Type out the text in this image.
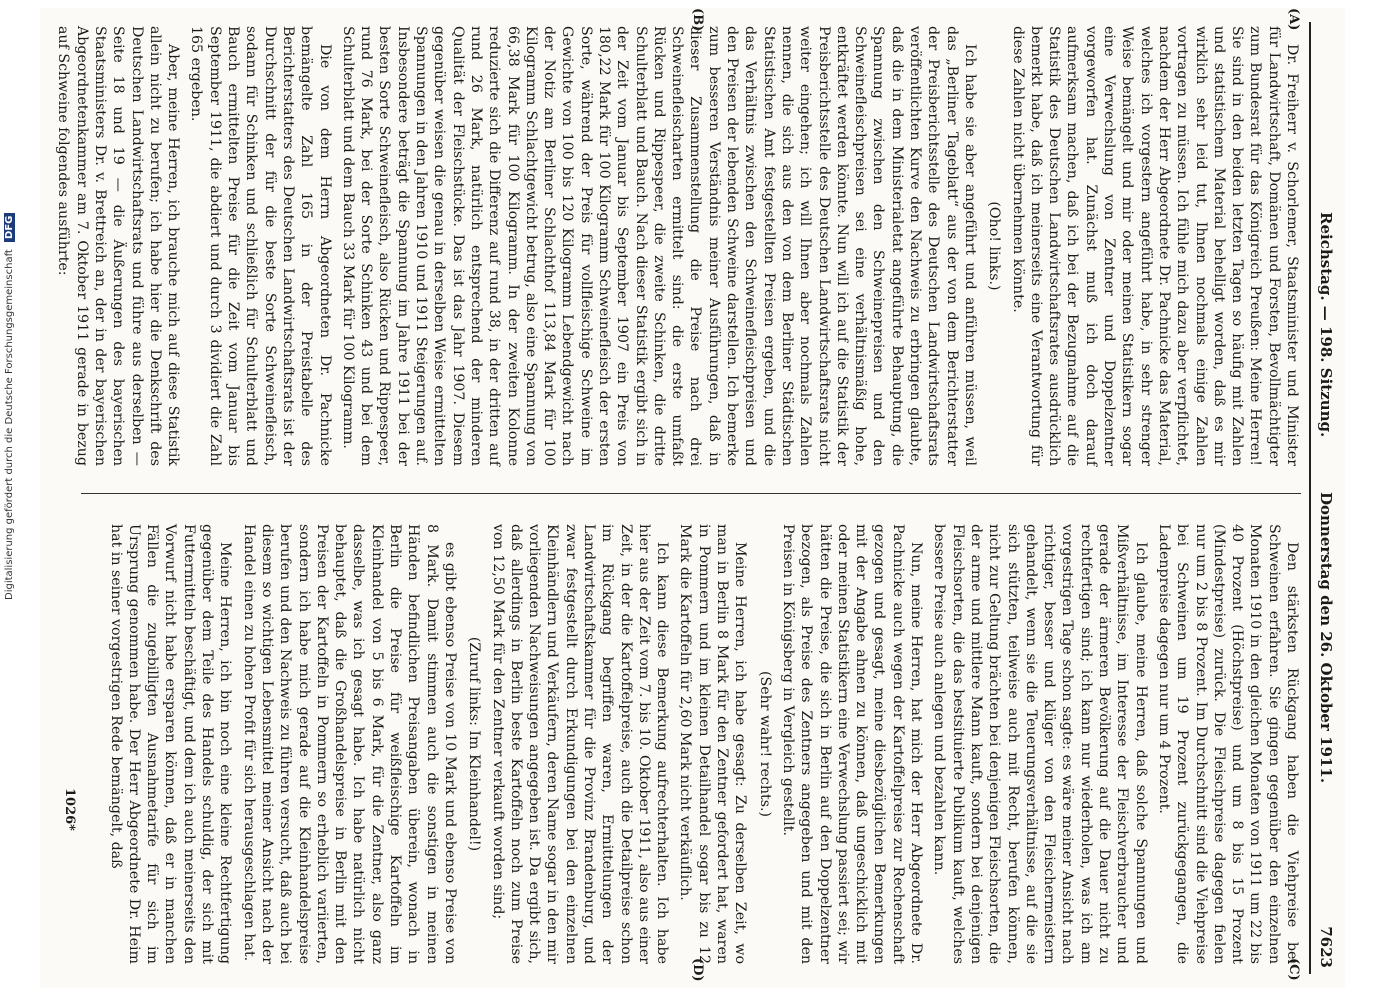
Reichstag. — 198. Sitzung.
Donnerstag den 26. Oktober 1911.
7623
(A)
(B)
(C)
(D)

Dr. Freiherr v. Schorlemer, Staatsminister und Minister für Landwirtschaft, Domänen und Forsten, Bevollmächtigter zum Bundesrat für das Königreich Preußen: Meine Herren! Sie sind in den beiden letzten Tagen so häufig mit Zahlen und statistischem Material behelligt worden, daß es mir wirklich sehr leid tut, Ihnen nochmals einige Zahlen vortragen zu müssen. Ich fühle mich dazu aber verpflichtet, nachdem der Herr Abgeordnete Dr. Pachnicke das Material, welches ich vorgestern angeführt habe, in sehr strenger Weise bemängelt und mir oder meinen Statistikern sogar eine Verwechslung von Zentner und Doppelzentner vorgeworfen hat. Zunächst muß ich doch darauf aufmerksam machen, daß ich bei der Bezugnahme auf die Statistik des Deutschen Landwirtschaftsrates ausdrücklich bemerkt habe, daß ich meinerseits eine Verantwortung für diese Zahlen nicht übernehmen könnte.

(Oho! links.)

Ich habe sie aber angeführt und anführen müssen, weil das „Berliner Tageblatt“ aus der von dem Berichterstatter der Preisberichtsstelle des Deutschen Landwirtschaftsrats veröffentlichten Kurve den Nachweis zu erbringen glaubte, daß die in dem Ministerialetat angeführte Behauptung, die Spannung zwischen den Schweinepreisen und den Schweinefleischpreisen sei eine verhältnismäßig hohe, entkräftet werden könnte. Nun will ich auf die Statistik der Preisberichtsstelle des Deutschen Landwirtschaftsrats nicht weiter eingehen; ich will Ihnen aber nochmals Zahlen nennen, die sich aus den von dem Berliner Städtischen Statistischen Amt festgestellten Preisen ergeben, und die das Verhältnis zwischen den Schweinefleischpreisen und den Preisen der lebenden Schweine darstellen. Ich bemerke zum besseren Verständnis meiner Ausführungen, daß in dieser Zusammenstellung die Preise nach drei Schweinefleischarten ermittelt sind: die erste umfaßt Rücken und Rippespeer, die zweite Schinken, die dritte Schulterblatt und Bauch. Nach dieser Statistik ergibt sich in der Zeit vom Januar bis September 1907 ein Preis von 180,22 Mark für 100 Kilogramm Schweinefleisch der ersten Sorte, während der Preis für vollfleischige Schweine im Gewichte von 100 bis 120 Kilogramm Lebendgewicht nach der Notiz am Berliner Schlachthof 113,84 Mark für 100 Kilogramm Schlachtgewicht betrug, also eine Spannung von 66,38 Mark für 100 Kilogramm. In der zweiten Kolonne reduzierte sich die Differenz auf rund 38, in der dritten auf rund 26 Mark, natürlich entsprechend der minderen Qualität der Fleischstücke. Das ist das Jahr 1907. Diesem gegenüber weisen die genau in derselben Weise ermittelten Spannungen in den Jahren 1910 und 1911 Steigerungen auf. Insbesondere beträgt die Spannung im Jahre 1911 bei der besten Sorte Schweinefleisch, also Rücken und Rippespeer, rund 76 Mark, bei der Sorte Schinken 43 und bei dem Schulterblatt und dem Bauch 33 Mark für 100 Kilogramm.

Die von dem Herrn Abgeordneten Dr. Pachnicke bemängelte Zahl 165 in der Preistabelle des Berichterstatters des Deutschen Landwirtschaftsrats ist der Durchschnitt der für die beste Sorte Schweinefleisch, sodann für Schinken und schließlich für Schulterblatt und Bauch ermittelten Preise für die Zeit vom Januar bis September 1911, die abdiert und durch 3 dividiert die Zahl 165 ergeben.

Aber, meine Herren, ich brauche mich auf diese Statistik allein nicht zu berufen; ich habe hier die Denkschrift des Deutschen Landwirtschaftsrats und führe aus derselben — Seite 18 und 19 — die Äußerungen des bayerischen Staatsministers Dr. v. Brettreich an, der in der bayerischen Abgeordnetenkammer am 7. Oktober 1911 gerade in bezug auf Schweine folgendes ausführte:

Den stärksten Rückgang haben die Viehpreise bei Schweinen erfahren. Sie gingen gegenüber den einzelnen Monaten 1910 in den gleichen Monaten von 1911 um 22 bis 40 Prozent (Höchstpreise) und um 8 bis 15 Prozent (Mindestpreise) zurück. Die Fleischpreise dagegen fielen nur um 2 bis 8 Prozent. Im Durchschnitt sind die Viehpreise bei Schweinen um 19 Prozent zurückgegangen, die Ladenpreise dagegen nur um 4 Prozent.

Ich glaube, meine Herren, daß solche Spannungen und Mißverhältnisse, im Interesse der Fleischverbraucher und gerade der ärmeren Bevölkerung auf die Dauer nicht zu rechtfertigen sind; ich kann nur wiederholen, was ich am vorgestrigen Tage schon sagte: es wäre meiner Ansicht nach richtiger, besser und klüger von den Fleischermeistern gehandelt, wenn sie die Teuerungsverhältnisse, auf die sie sich stützten, teilweise auch mit Recht, berufen können, nicht zur Geltung brächten bei denjenigen Fleischsorten, die der arme und mittlere Mann kauft, sondern bei denjenigen Fleischsorten, die das bestsituierte Publikum kauft, welches bessere Preise auch anlegen und bezahlen kann.

Nun, meine Herren, hat mich der Herr Abgeordnete Dr. Pachnicke auch wegen der Kartoffelpreise zur Rechenschaft gezogen und gesagt, meine diesbezüglichen Bemerkungen mit der Angabe ahnen zu können, daß ungeschicklich mit oder meinen Statistikern eine Verwechslung passiert sei; wir hätten die Preise, die sich in Berlin auf den Doppelzentner bezogen, als Preise des Zentners angegeben und mit den Preisen in Königsberg in Vergleich gestellt.

(Sehr wahr! rechts.)

Meine Herren, ich habe gesagt: Zu derselben Zeit, wo man in Berlin 8 Mark für den Zentner gefordert hat, waren in Pommern und im kleinen Detailhandel sogar bis zu 12 Mark die Kartoffeln für 2,60 Mark nicht verkäuflich.

Ich kann diese Bemerkung aufrechterhalten. Ich habe hier aus der Zeit vom 7. bis 10. Oktober 1911, also aus einer Zeit, in der die Kartoffelpreise, auch die Detailpreise schon im Rückgang begriffen waren, Ermittelungen der Landwirtschaftskammer für die Provinz Brandenburg, und zwar festgestellt durch Erkundigungen bei den einzelnen Kleinhändlern und Verkäufern, deren Name sogar in den mir vorliegenden Nachweisungen angegeben ist. Da ergibt sich, daß allerdings in Berlin beste Kartoffeln noch zum Preise von 12,50 Mark für den Zentner verkauft worden sind;

(Zuruf links: Im Kleinhandel!)

es gibt ebenso Preise von 10 Mark und ebenso Preise von 8 Mark. Damit stimmen auch die sonstigen in meinen Händen befindlichen Preisangaben überein, wonach in Berlin die Preise für weißfleischige Kartoffeln im Kleinhandel von 5 bis 6 Mark, für die Zentner, also ganz dasselbe, was ich gesagt habe. Ich habe natürlich nicht behauptet, daß die Großhandelspreise in Berlin mit den Preisen der Kartoffeln in Pommern so erheblich variierten, sondern ich habe mich gerade auf die Kleinhandelspreise berufen und den Nachweis zu führen versucht, daß auch bei diesem so wichtigen Lebensmittel meiner Ansicht nach der Handel einen zu hohen Profit für sich herausgeschlagen hat.

Meine Herren, ich bin noch eine kleine Rechtfertigung gegenüber dem Teile des Handels schuldig, der sich mit Futtermitteln beschäftigt, und dem ich auch meinerseits den Vorwurf nicht habe ersparen können, daß er in manchen Fällen die zugebilligten Ausnahmetarife für sich im Ursprung genommen habe. Der Herr Abgeordnete Dr. Heim hat in seiner vorgestrigen Rede bemängelt, daß

1026*
Digitalisierung gefördert durch die Deutsche Forschungsgemeinschaft DFG
